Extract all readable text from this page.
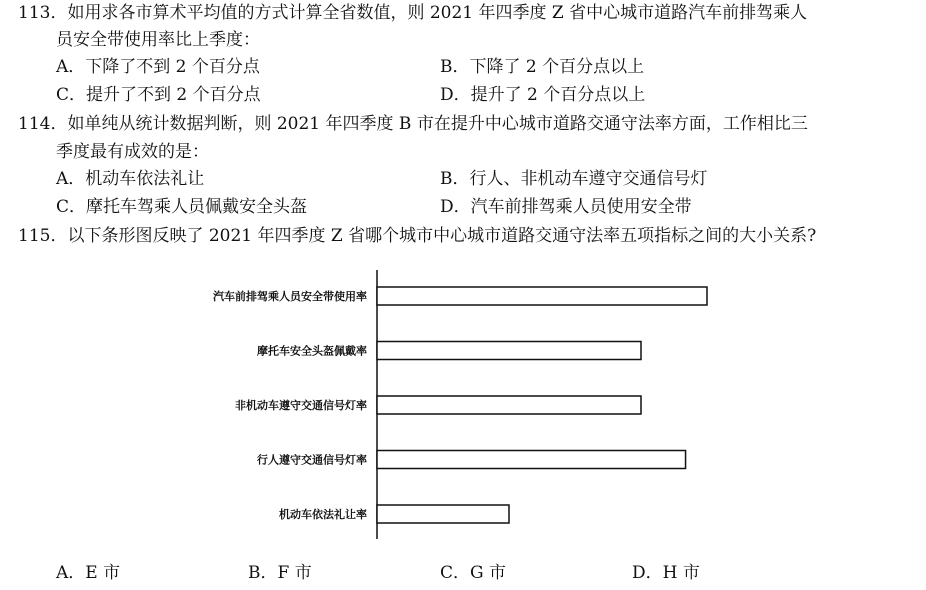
113．如用求各市算术平均值的方式计算全省数值，则 2021 年四季度 Z 省中心城市道路汽车前排驾乘人
员安全带使用率比上季度：
A．下降了不到 2 个百分点	B．下降了 2 个百分点以上
C．提升了不到 2 个百分点	D．提升了 2 个百分点以上
114．如单纯从统计数据判断，则 2021 年四季度 B 市在提升中心城市道路交通守法率方面，工作相比三
季度最有成效的是：
A．机动车依法礼让	B．行人、非机动车遵守交通信号灯
C．摩托车驾乘人员佩戴安全头盔	D．汽车前排驾乘人员使用安全带
115．以下条形图反映了 2021 年四季度 Z 省哪个城市中心城市道路交通守法率五项指标之间的大小关系?
汽车前排驾乘人员安全带使用率
摩托车安全头盔佩戴率
非机动车遵守交通信号灯率
行人遵守交通信号灯率
机动车依法礼让率
A．E 市	B．F 市	C．G 市	D．H 市
